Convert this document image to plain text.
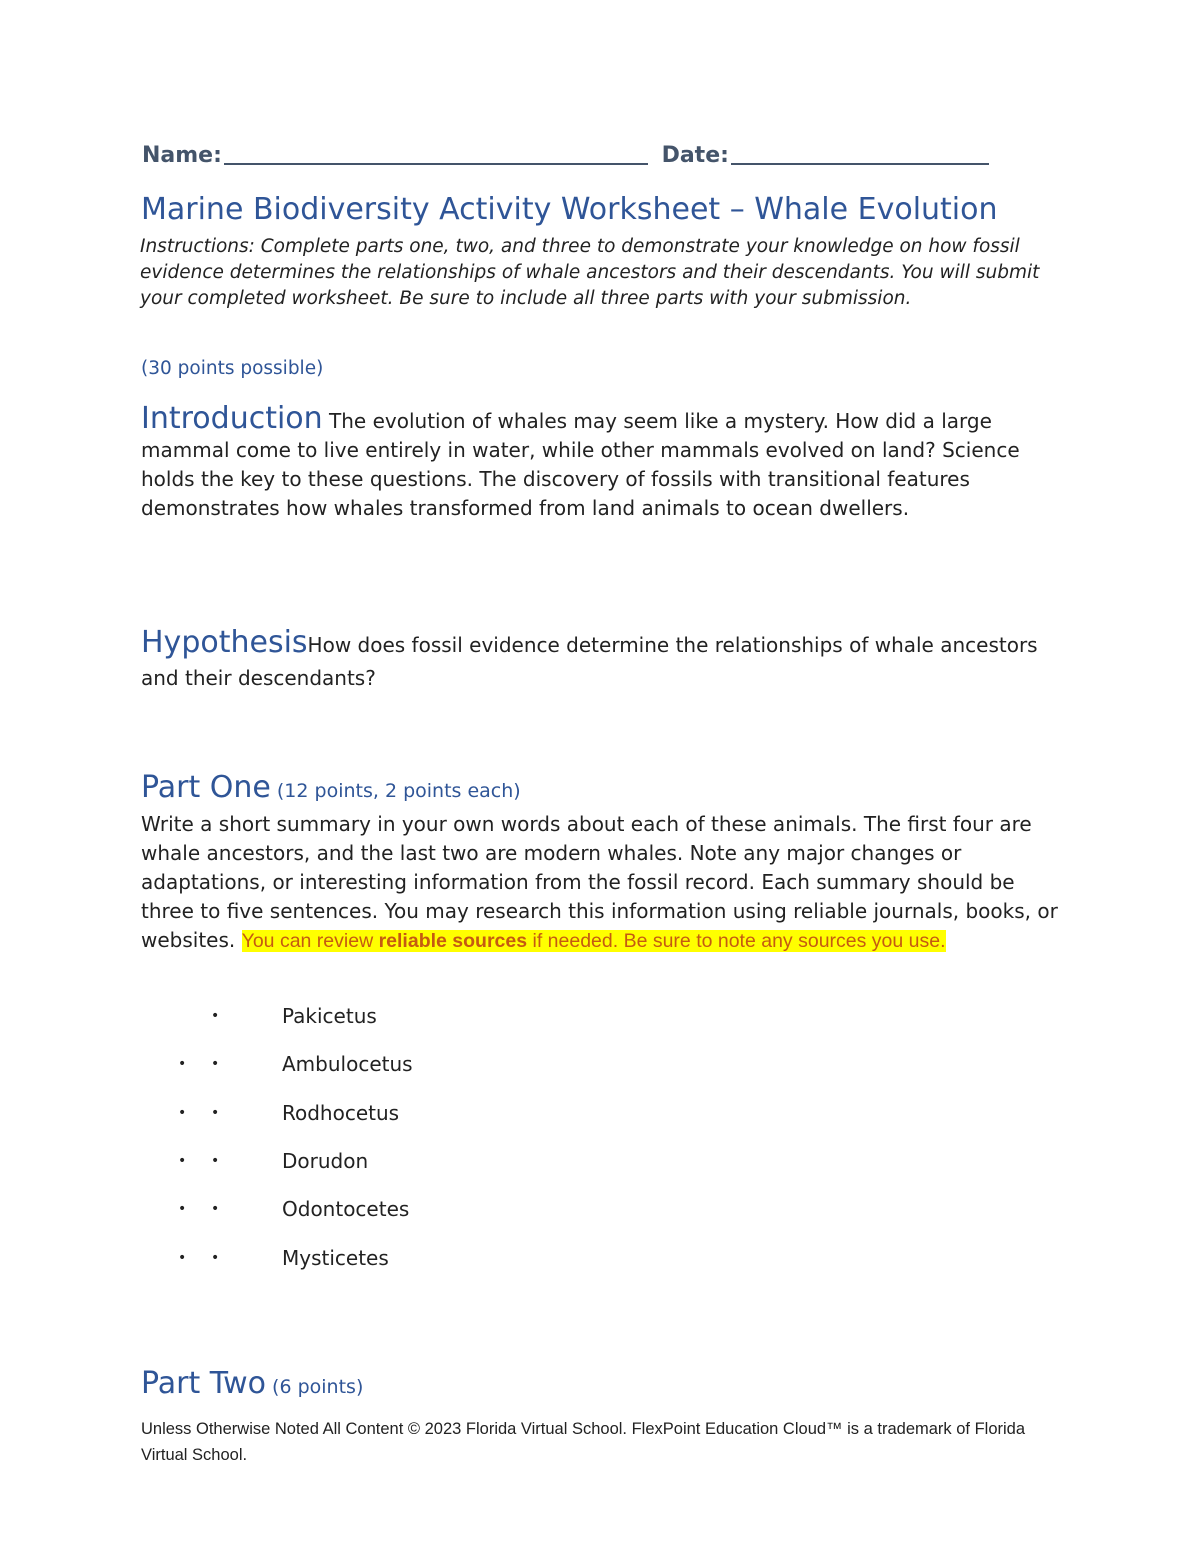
Name:	Date:
Marine Biodiversity Activity Worksheet – Whale Evolution
Instructions: Complete parts one, two, and three to demonstrate your knowledge on how fossil evidence determines the relationships of whale ancestors and their descendants. You will submit your completed worksheet. Be sure to include all three parts with your submission.
(30 points possible)
Introduction The evolution of whales may seem like a mystery. How did a large mammal come to live entirely in water, while other mammals evolved on land? Science holds the key to these questions. The discovery of fossils with transitional features demonstrates how whales transformed from land animals to ocean dwellers.
HypothesisHow does fossil evidence determine the relationships of whale ancestors and their descendants?
Part One (12 points, 2 points each)
Write a short summary in your own words about each of these animals. The first four are whale ancestors, and the last two are modern whales. Note any major changes or adaptations, or interesting information from the fossil record. Each summary should be three to five sentences. You may research this information using reliable journals, books, or websites. You can review reliable sources if needed. Be sure to note any sources you use.
•	Pakicetus
• •	Ambulocetus
• •	Rodhocetus
• •	Dorudon
• •	Odontocetes
• •	Mysticetes
Part Two (6 points)
Unless Otherwise Noted All Content © 2023 Florida Virtual School. FlexPoint Education Cloud™ is a trademark of Florida Virtual School.
